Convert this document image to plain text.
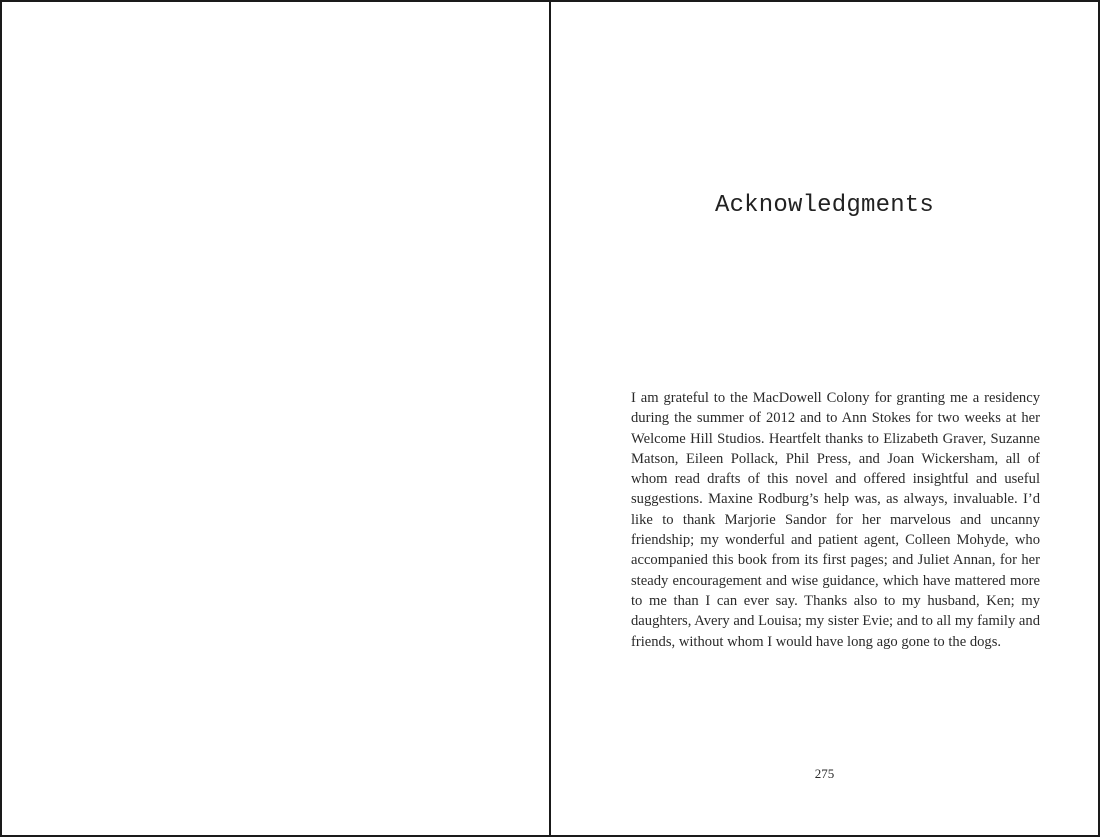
Acknowledgments

I am grateful to the MacDowell Colony for granting me a residency during the summer of 2012 and to Ann Stokes for two weeks at her Welcome Hill Studios. Heartfelt thanks to Elizabeth Graver, Suzanne Matson, Eileen Pollack, Phil Press, and Joan Wickersham, all of whom read drafts of this novel and offered insightful and useful suggestions. Maxine Rodburg’s help was, as always, invaluable. I’d like to thank Marjorie Sandor for her marvelous and uncanny friendship; my wonderful and patient agent, Colleen Mohyde, who accompanied this book from its first pages; and Juliet Annan, for her steady encouragement and wise guidance, which have mattered more to me than I can ever say. Thanks also to my husband, Ken; my daughters, Avery and Louisa; my sister Evie; and to all my family and friends, without whom I would have long ago gone to the dogs.

275
